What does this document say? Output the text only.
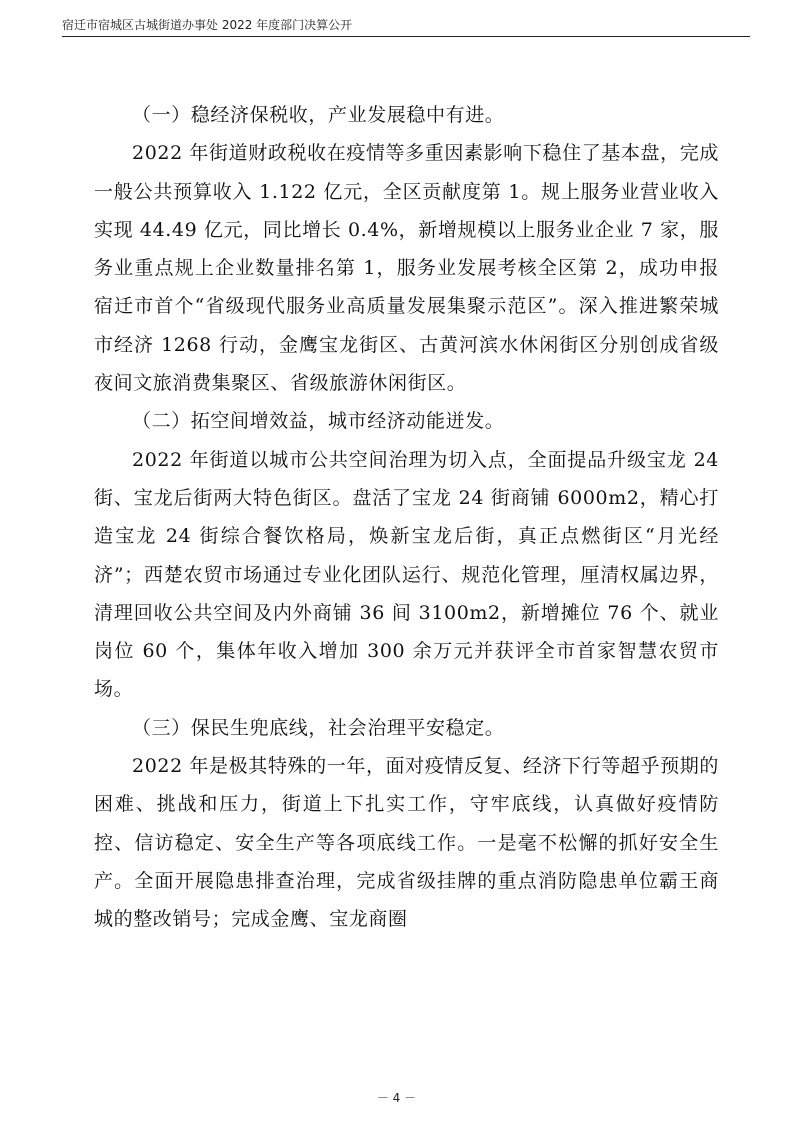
宿迁市宿城区古城街道办事处 2022 年度部门决算公开

（一）稳经济保税收，产业发展稳中有进。

2022 年街道财政税收在疫情等多重因素影响下稳住了基本盘，完成一般公共预算收入 1.122 亿元，全区贡献度第 1。规上服务业营业收入实现 44.49 亿元，同比增长 0.4%，新增规模以上服务业企业 7 家，服务业重点规上企业数量排名第 1，服务业发展考核全区第 2，成功申报宿迁市首个“省级现代服务业高质量发展集聚示范区”。深入推进繁荣城市经济 1268 行动，金鹰宝龙街区、古黄河滨水休闲街区分别创成省级夜间文旅消费集聚区、省级旅游休闲街区。

（二）拓空间增效益，城市经济动能迸发。

2022 年街道以城市公共空间治理为切入点，全面提品升级宝龙 24 街、宝龙后街两大特色街区。盘活了宝龙 24 街商铺 6000m2，精心打造宝龙 24 街综合餐饮格局，焕新宝龙后街，真正点燃街区“月光经济”；西楚农贸市场通过专业化团队运行、规范化管理，厘清权属边界，清理回收公共空间及内外商铺 36 间 3100m2，新增摊位 76 个、就业岗位 60 个，集体年收入增加 300 余万元并获评全市首家智慧农贸市场。

（三）保民生兜底线，社会治理平安稳定。

2022 年是极其特殊的一年，面对疫情反复、经济下行等超乎预期的困难、挑战和压力，街道上下扎实工作，守牢底线，认真做好疫情防控、信访稳定、安全生产等各项底线工作。一是毫不松懈的抓好安全生产。全面开展隐患排查治理，完成省级挂牌的重点消防隐患单位霸王商城的整改销号；完成金鹰、宝龙商圈

－ 4 －
